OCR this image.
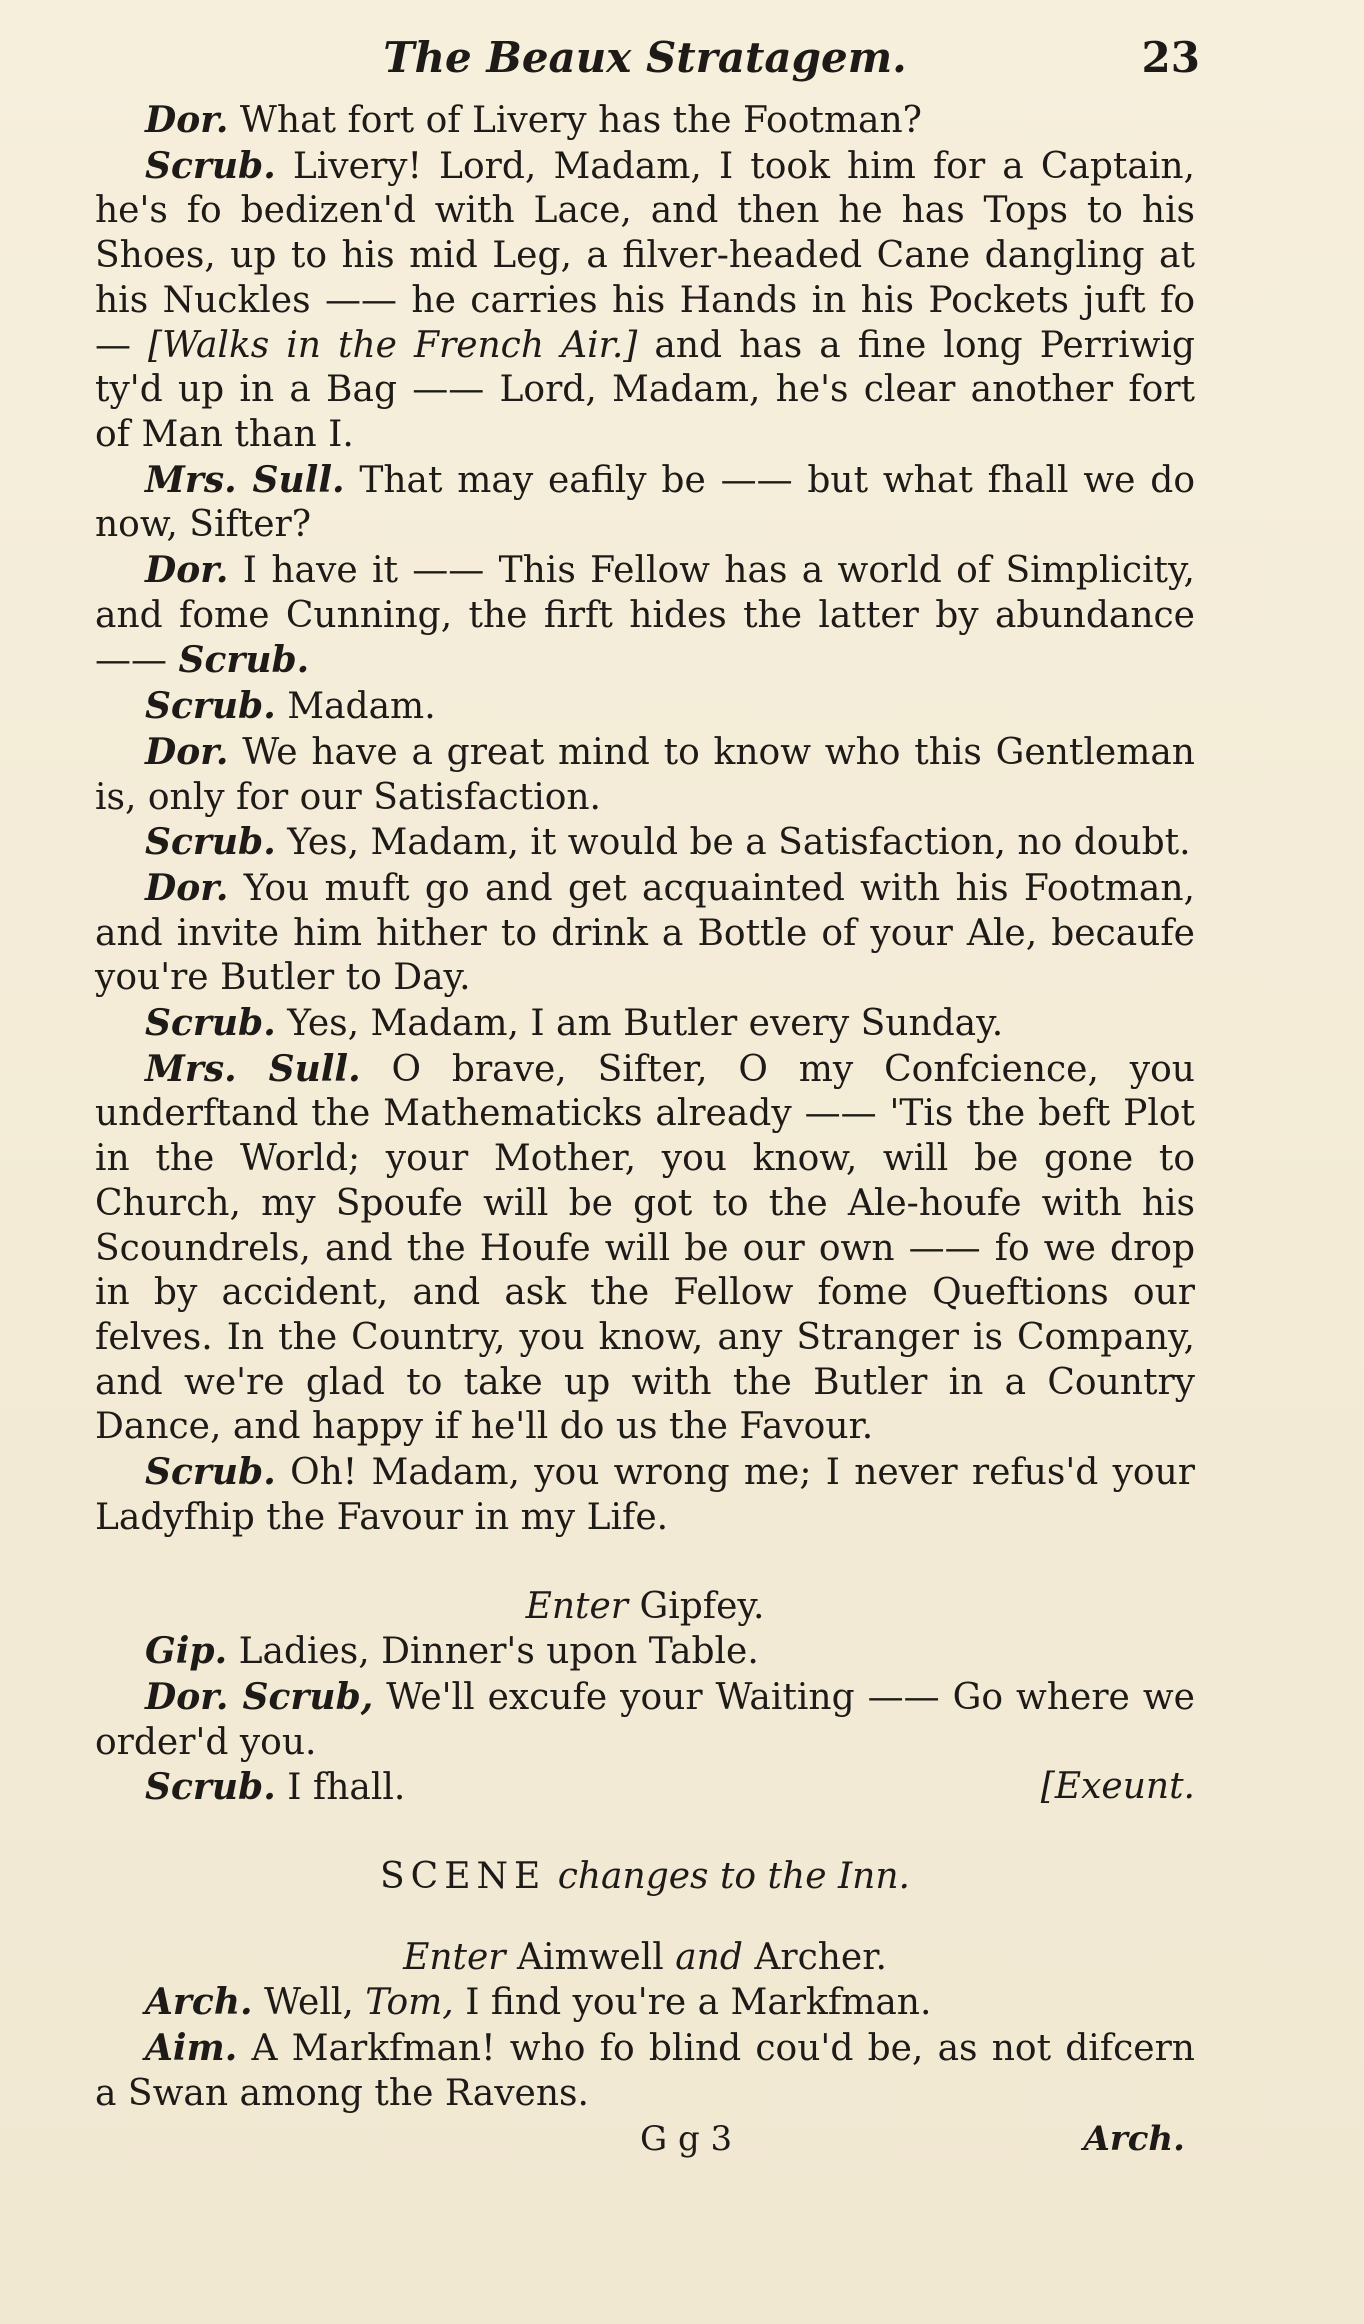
The Beaux Stratagem.	23

Dor. What fort of Livery has the Footman?

Scrub. Livery! Lord, Madam, I took him for a Captain, he's fo bedizen'd with Lace, and then he has Tops to his Shoes, up to his mid Leg, a filver-headed Cane dangling at his Nuckles —— he carries his Hands in his Pockets juft fo — [Walks in the French Air.] and has a fine long Perriwig ty'd up in a Bag —— Lord, Madam, he's clear another fort of Man than I.

Mrs. Sull. That may eafily be —— but what fhall we do now, Sifter?

Dor. I have it —— This Fellow has a world of Simplicity, and fome Cunning, the firft hides the latter by abundance —— Scrub.

Scrub. Madam.

Dor. We have a great mind to know who this Gentleman is, only for our Satisfaction.

Scrub. Yes, Madam, it would be a Satisfaction, no doubt.

Dor. You muft go and get acquainted with his Footman, and invite him hither to drink a Bottle of your Ale, becaufe you're Butler to Day.

Scrub. Yes, Madam, I am Butler every Sunday.

Mrs. Sull. O brave, Sifter, O my Confcience, you underftand the Mathematicks already —— 'Tis the beft Plot in the World; your Mother, you know, will be gone to Church, my Spoufe will be got to the Ale-houfe with his Scoundrels, and the Houfe will be our own —— fo we drop in by accident, and ask the Fellow fome Queftions our felves. In the Country, you know, any Stranger is Company, and we're glad to take up with the Butler in a Country Dance, and happy if he'll do us the Favour.

Scrub. Oh! Madam, you wrong me; I never refus'd your Ladyfhip the Favour in my Life.

Enter Gipfey.

Gip. Ladies, Dinner's upon Table.

Dor. Scrub, We'll excufe your Waiting —— Go where we order'd you.

Scrub. I fhall.	[Exeunt.

SCENE changes to the Inn.

Enter Aimwell and Archer.

Arch. Well, Tom, I find you're a Markfman.

Aim. A Markfman! who fo blind cou'd be, as not difcern a Swan among the Ravens.

G g 3	Arch.
